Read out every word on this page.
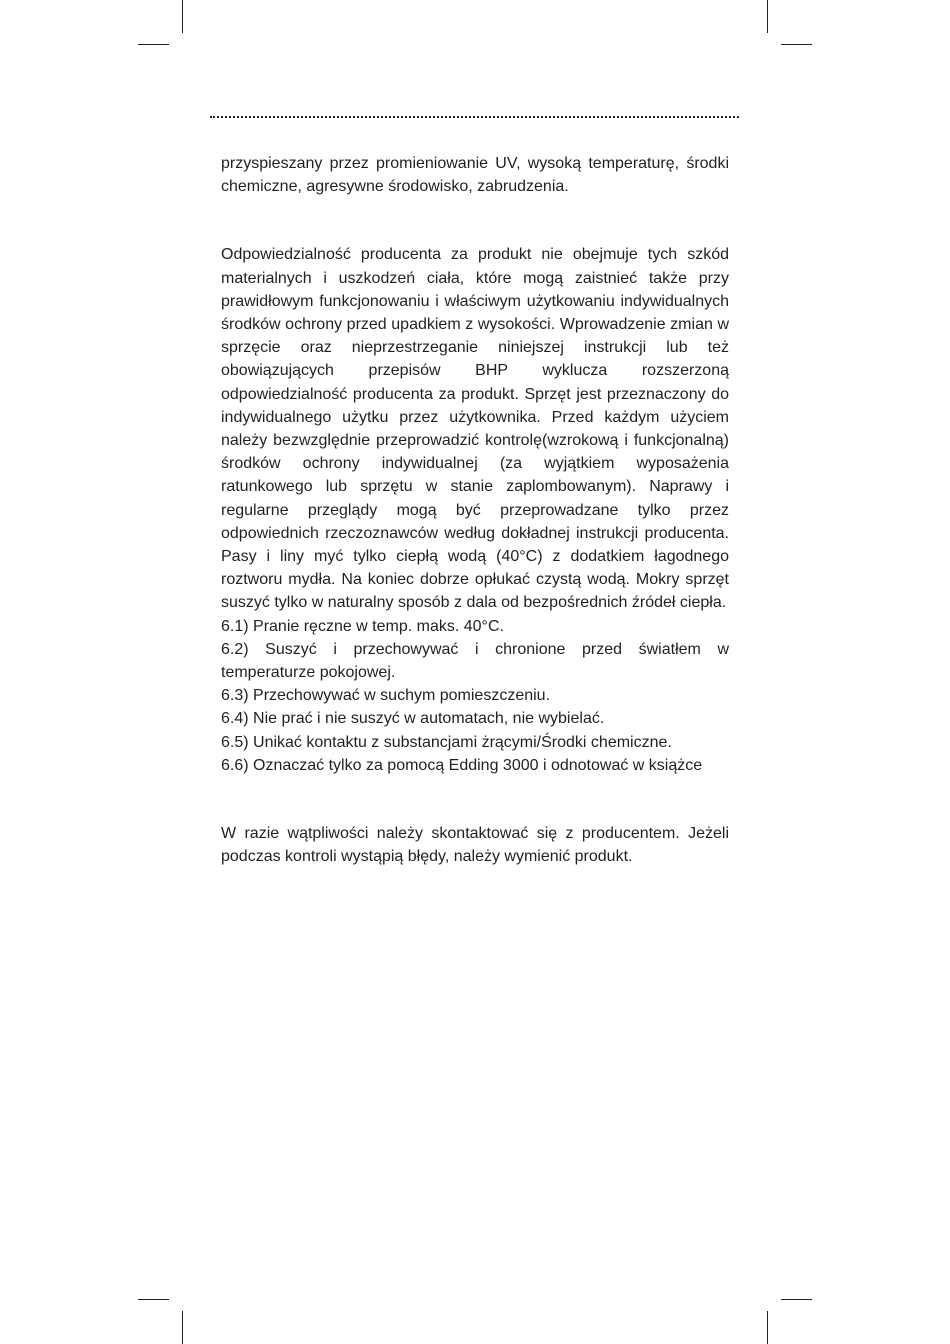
przyspieszany przez promieniowanie UV, wysoką temperaturę, środki chemiczne, agresywne środowisko, zabrudzenia.

Odpowiedzialność producenta za produkt nie obejmuje tych szkód materialnych i uszkodzeń ciała, które mogą zaistnieć także przy prawidłowym funkcjonowaniu i właściwym użytkowaniu indywidualnych środków ochrony przed upadkiem z wysokości. Wprowadzenie zmian w sprzęcie oraz nieprzestrzeganie niniejszej instrukcji lub też obowiązujących przepisów BHP wyklucza rozszerzoną odpowiedzialność producenta za produkt. Sprzęt jest przeznaczony do indywidualnego użytku przez użytkownika. Przed każdym użyciem należy bezwzględnie przeprowadzić kontrolę(wzrokową i funkcjonalną) środków ochrony indywidualnej (za wyjątkiem wyposażenia ratunkowego lub sprzętu w stanie zaplombowanym). Naprawy i regularne przeglądy mogą być przeprowadzane tylko przez odpowiednich rzeczoznawców według dokładnej instrukcji producenta. Pasy i liny myć tylko ciepłą wodą (40°C) z dodatkiem łagodnego roztworu mydła. Na koniec dobrze opłukać czystą wodą. Mokry sprzęt suszyć tylko w naturalny sposób z dala od bezpośrednich źródeł ciepła.

6.1) Pranie ręczne w temp. maks. 40°C.
6.2) Suszyć i przechowywać i chronione przed światłem w temperaturze pokojowej.
6.3) Przechowywać w suchym pomieszczeniu.
6.4) Nie prać i nie suszyć w automatach, nie wybielać.
6.5) Unikać kontaktu z substancjami żrącymi/Środki chemiczne.
6.6) Oznaczać tylko za pomocą Edding 3000 i odnotować w książce

W razie wątpliwości należy skontaktować się z producentem. Jeżeli podczas kontroli wystąpią błędy, należy wymienić produkt.
